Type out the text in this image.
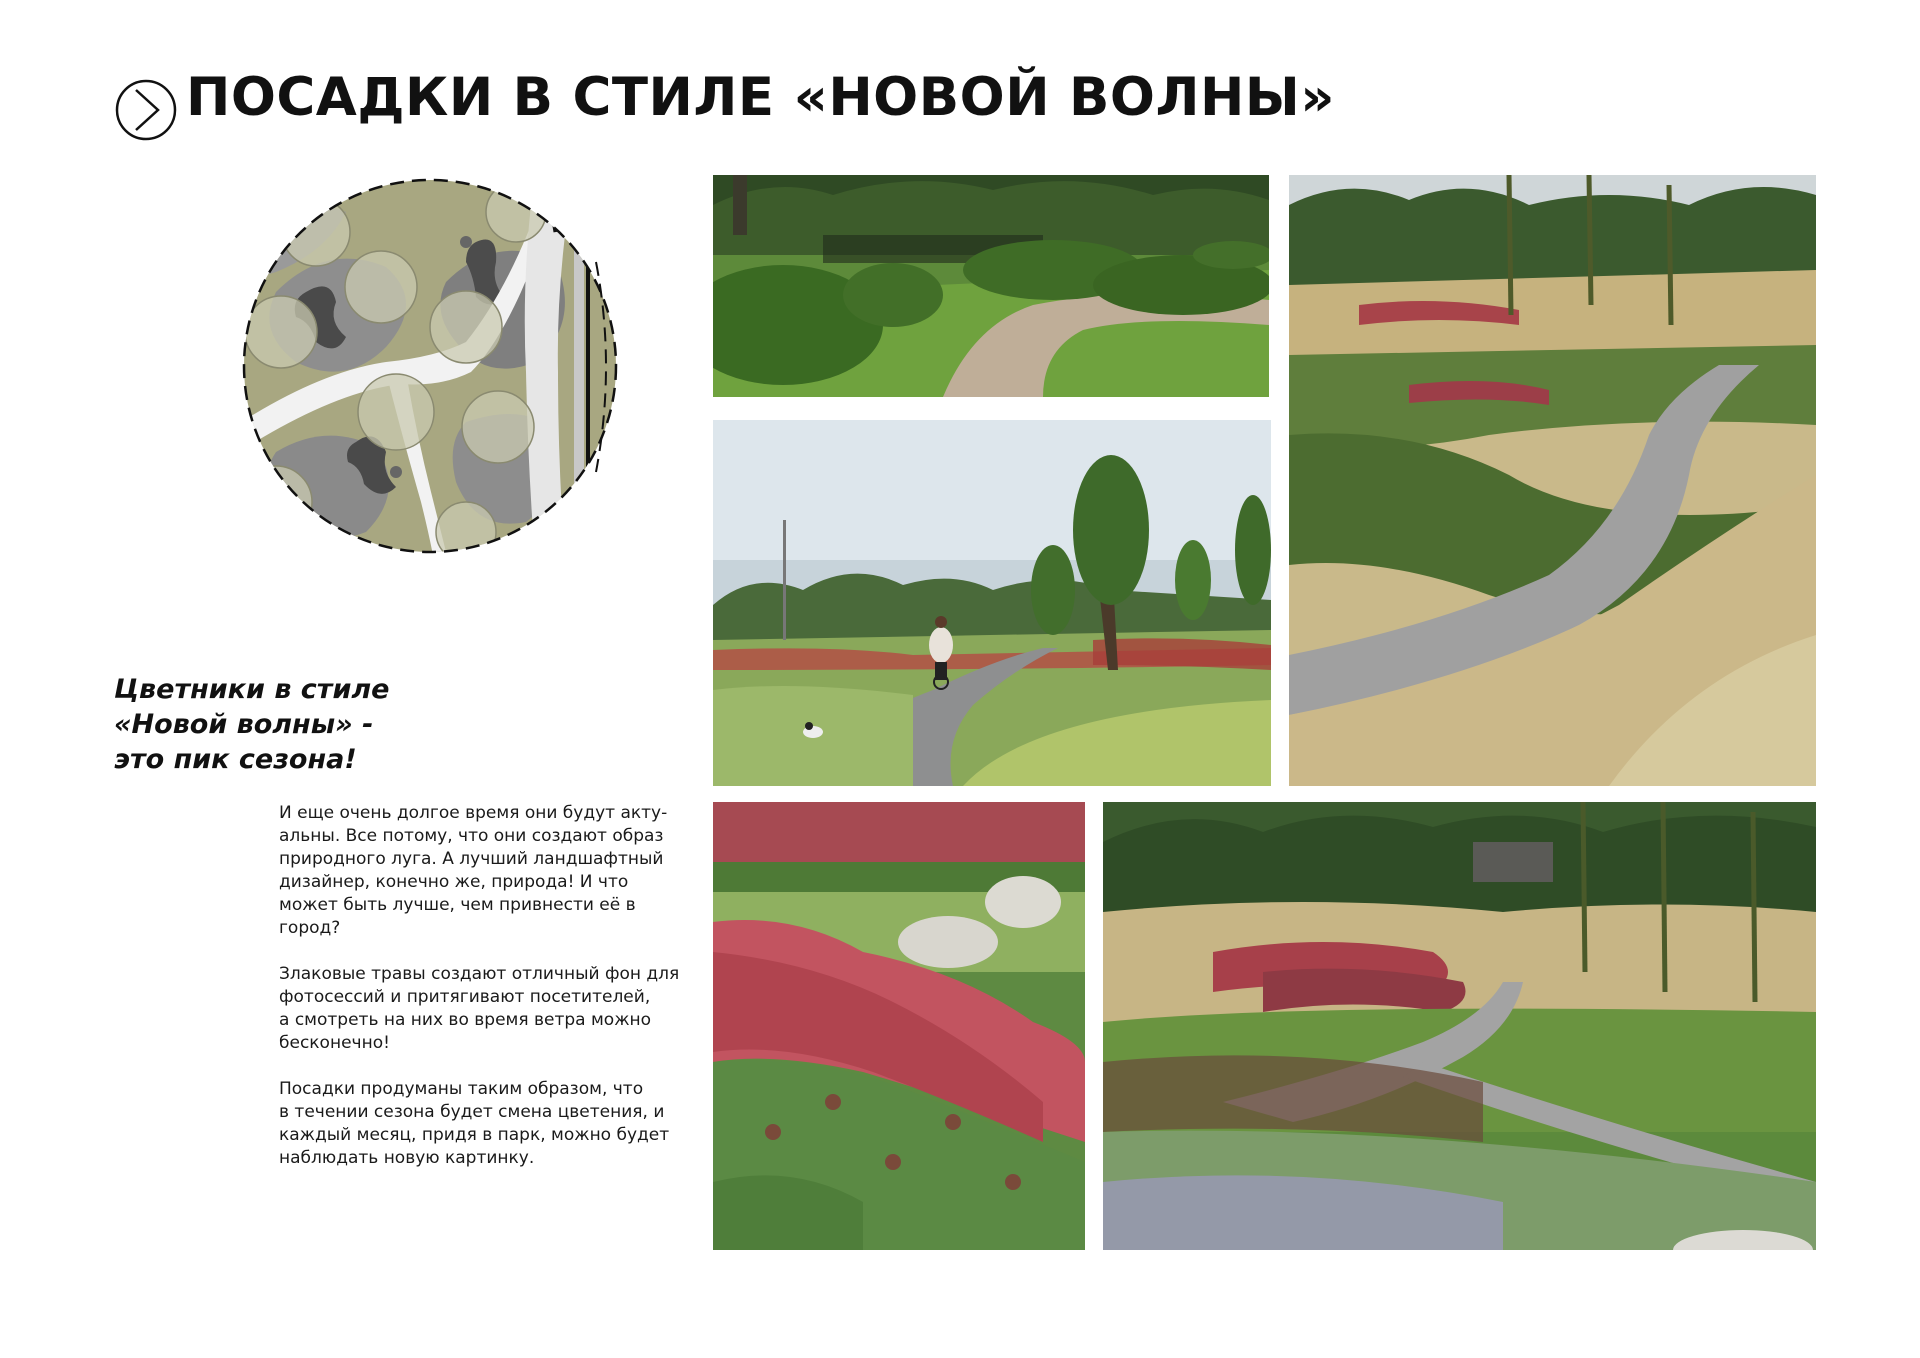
ПОСАДКИ В СТИЛЕ «НОВОЙ ВОЛНЫ»
Цветники в стиле
«Новой волны» -
это пик сезона!

И еще очень долгое время они будут акту-
альны. Все потому, что они создают образ
природного луга. А лучший ландшафтный
дизайнер, конечно же, природа! И что
может быть лучше, чем привнести её в
город?

Злаковые травы создают отличный фон для
фотосессий и притягивают посетителей,
а смотреть на них во время ветра можно
бесконечно!

Посадки продуманы таким образом, что
в течении сезона будет смена цветения, и
каждый месяц, придя в парк, можно будет
наблюдать новую картинку.
